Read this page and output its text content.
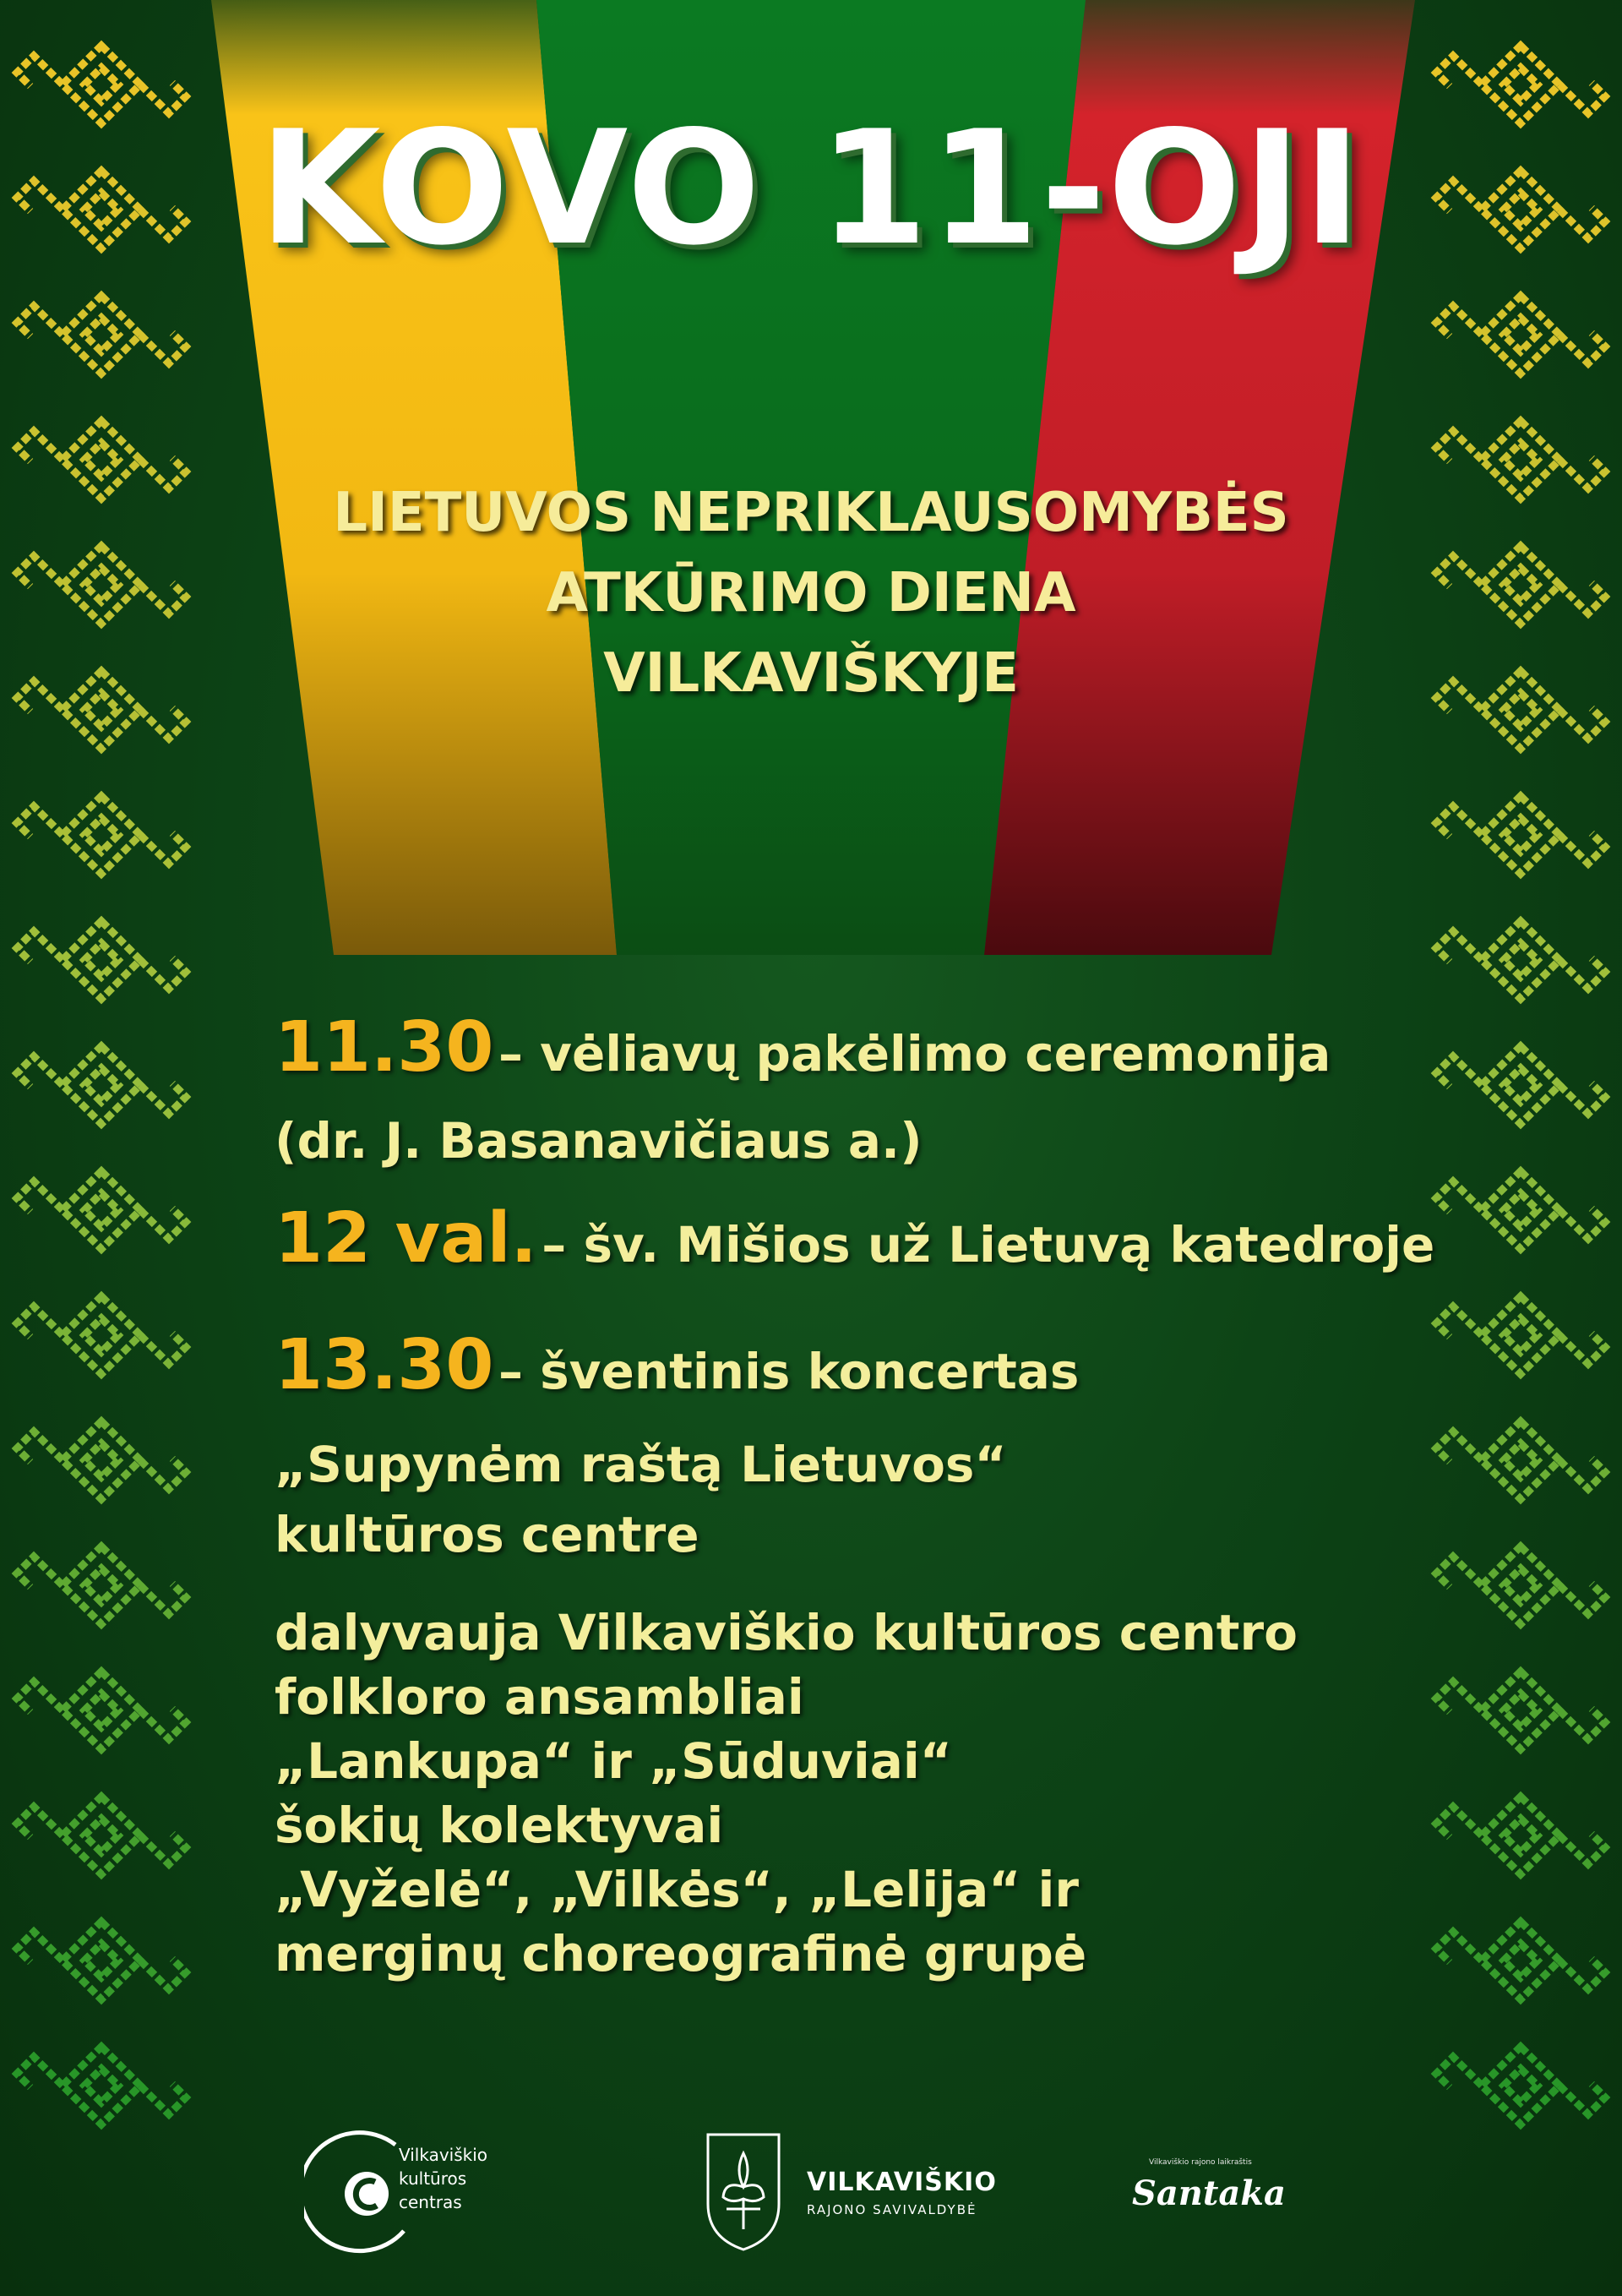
KOVO 11-OJI
LIETUVOS NEPRIKLAUSOMYBĖS
ATKŪRIMO DIENA
VILKAVIŠKYJE
11.30 – vėliavų pakėlimo ceremonija
(dr. J. Basanavičiaus a.)
12 val. – šv. Mišios už Lietuvą katedroje
13.30 – šventinis koncertas
„Supynėm raštą Lietuvos“
kultūros centre
dalyvauja Vilkaviškio kultūros centro
folkloro ansambliai
„Lankupa“ ir „Sūduviai“
šokių kolektyvai
„Vyželė“, „Vilkės“, „Lelija“ ir
merginų choreografinė grupė
Vilkaviškio
kultūros
centras
VILKAVIŠKIO
RAJONO SAVIVALDYBĖ
Vilkaviškio rajono laikraštis
Santaka
